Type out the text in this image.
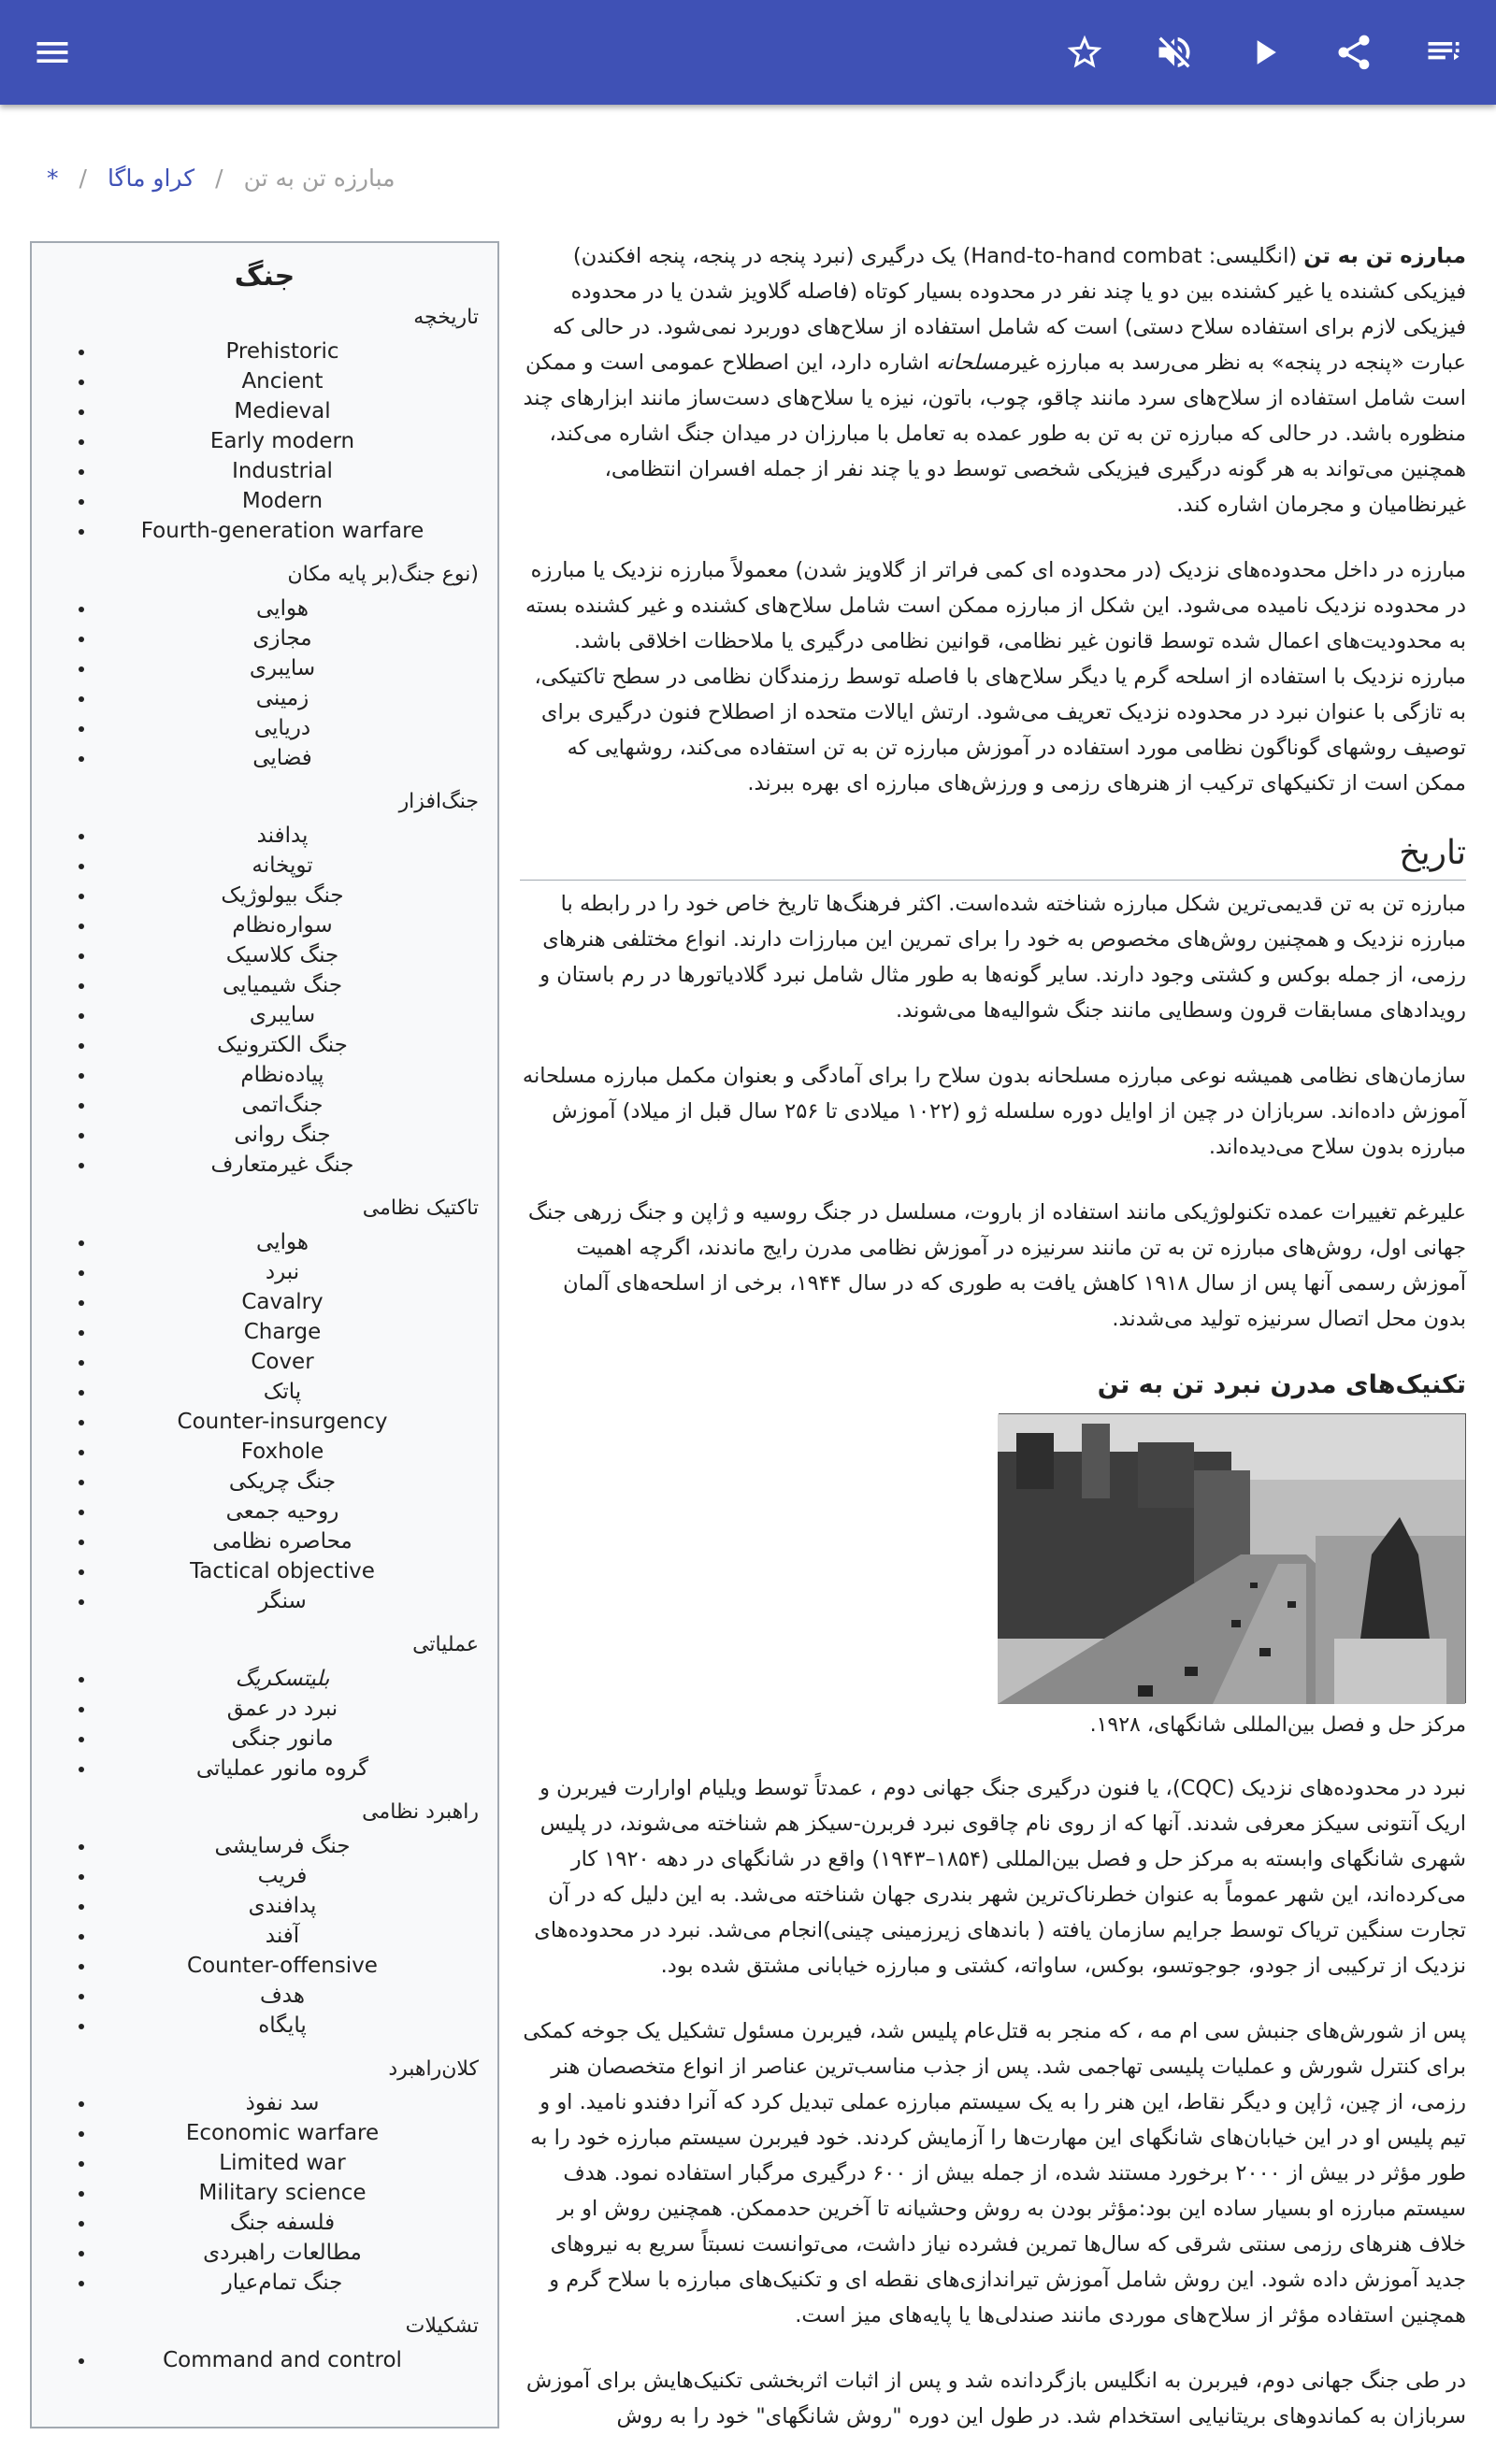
* / کراو ماگا / مبارزه تن به تن
جنگ
تاریخچه
Prehistoric
Ancient
Medieval
Early modern
Industrial
Modern
Fourth-generation warfare
(نوع جنگ(بر پایه مکان
هوایی
مجازی
سایبری
زمینی
دریایی
فضایی
جنگ‌افزار
پدافند
توپخانه
جنگ بیولوژیک
سواره‌نظام
جنگ کلاسیک
جنگ شیمیایی
سایبری
جنگ الکترونیک
پیاده‌نظام
جنگ‌اتمی
جنگ روانی
جنگ غیرمتعارف
تاکتیک نظامی
هوایی
نبرد
Cavalry
Charge
Cover
پاتک
Counter-insurgency
Foxhole
جنگ چریکی
روحیه جمعی
محاصره نظامی
Tactical objective
سنگر
عملیاتی
بلیتسکریگ
نبرد در عمق
مانور جنگی
گروه مانور عملیاتی
راهبرد نظامی
جنگ فرسایشی
فریب
پدافندی
آفند
Counter-offensive
هدف
پایگاه
کلان‌راهبرد
سد نفوذ
Economic warfare
Limited war
Military science
فلسفه جنگ
مطالعات راهبردی
جنگ تمام‌عیار
تشکیلات
Command and control

مبارزه تن به تن (انگلیسی: Hand-to-hand combat) یک درگیری (نبرد پنجه در پنجه، پنجه افکندن) فیزیکی کشنده یا غیر کشنده بین دو یا چند نفر در محدوده بسیار کوتاه (فاصله گلاویز شدن یا در محدوده فیزیکی لازم برای استفاده سلاح دستی) است که شامل استفاده از سلاح‌های دوربرد نمی‌شود. در حالی که عبارت «پنجه در پنجه» به نظر می‌رسد به مبارزه غیرمسلحانه اشاره دارد، این اصطلاح عمومی است و ممکن است شامل استفاده از سلاح‌های سرد مانند چاقو، چوب، باتون، نیزه یا سلاح‌های دست‌ساز مانند ابزارهای چند منظوره باشد. در حالی که مبارزه تن به تن به طور عمده به تعامل با مبارزان در میدان جنگ اشاره می‌کند، همچنین می‌تواند به هر گونه درگیری فیزیکی شخصی توسط دو یا چند نفر از جمله افسران انتظامی، غیرنظامیان و مجرمان اشاره کند.

مبارزه در داخل محدوده‌های نزدیک (در محدوده ای کمی فراتر از گلاویز شدن) معمولاً مبارزه نزدیک یا مبارزه در محدوده نزدیک نامیده می‌شود. این شکل از مبارزه ممکن است شامل سلاح‌های کشنده و غیر کشنده بسته به محدودیت‌های اعمال شده توسط قانون غیر نظامی، قوانین نظامی درگیری یا ملاحظات اخلاقی باشد. مبارزه نزدیک با استفاده از اسلحه گرم یا دیگر سلاح‌های با فاصله توسط رزمندگان نظامی در سطح تاکتیکی، به تازگی با عنوان نبرد در محدوده نزدیک تعریف می‌شود. ارتش ایالات متحده از اصطلاح فنون درگیری برای توصیف روشهای گوناگون نظامی مورد استفاده در آموزش مبارزه تن به تن استفاده می‌کند، روشهایی که ممکن است از تکنیکهای ترکیب از هنرهای رزمی و ورزش‌های مبارزه ای بهره ببرند.

تاریخ

مبارزه تن به تن قدیمی‌ترین شکل مبارزه شناخته شده‌است. اکثر فرهنگ‌ها تاریخ خاص خود را در رابطه با مبارزه نزدیک و همچنین روش‌های مخصوص به خود را برای تمرین این مبارزات دارند. انواع مختلفی هنرهای رزمی، از جمله بوکس و کشتی وجود دارند. سایر گونه‌ها به طور مثال شامل نبرد گلادیاتورها در رم باستان و رویدادهای مسابقات قرون وسطایی مانند جنگ شوالیه‌ها می‌شوند.

سازمان‌های نظامی همیشه نوعی مبارزه مسلحانه بدون سلاح را برای آمادگی و بعنوان مکمل مبارزه مسلحانه آموزش داده‌اند. سربازان در چین از اوایل دوره سلسله ژو (۱۰۲۲ میلادی تا ۲۵۶ سال قبل از میلاد) آموزش مبارزه بدون سلاح می‌دیده‌اند.

علیرغم تغییرات عمده تکنولوژیکی مانند استفاده از باروت، مسلسل در جنگ روسیه و ژاپن و جنگ زرهی جنگ جهانی اول، روش‌های مبارزه تن به تن مانند سرنیزه در آموزش نظامی مدرن رایج ماندند، اگرچه اهمیت آموزش رسمی آنها پس از سال ۱۹۱۸ کاهش یافت به طوری که در سال ۱۹۴۴، برخی از اسلحه‌های آلمان بدون محل اتصال سرنیزه تولید می‌شدند.

تکنیک‌های مدرن نبرد تن به تن

مرکز حل و فصل بین‌المللی شانگهای، ۱۹۲۸.

نبرد در محدوده‌های نزدیک (CQC)، یا فنون درگیری جنگ جهانی دوم ، عمدتاً توسط ویلیام اوارارت فیربرن و اریک آنتونی سیکز معرفی شدند. آنها که از روی نام چاقوی نبرد فربرن-سیکز هم شناخته می‌شوند، در پلیس شهری شانگهای وابسته به مرکز حل و فصل بین‌المللی (۱۸۵۴–۱۹۴۳) واقع در شانگهای در دهه ۱۹۲۰ کار می‌کرده‌اند، این شهر عموماً به عنوان خطرناک‌ترین شهر بندری جهان شناخته می‌شد. به این دلیل که در آن تجارت سنگین تریاک توسط جرایم سازمان یافته ( باندهای زیرزمینی چینی)انجام می‌شد. نبرد در محدوده‌های نزدیک از ترکیبی از جودو، جوجوتسو، بوکس، ساواته، کشتی و مبارزه خیابانی مشتق شده بود.

پس از شورش‌های جنبش سی ام مه ، که منجر به قتل‌عام پلیس شد، فیربرن مسئول تشکیل یک جوخه کمکی برای کنترل شورش و عملیات پلیسی تهاجمی شد. پس از جذب مناسب‌ترین عناصر از انواع متخصصان هنر رزمی، از چین، ژاپن و دیگر نقاط، این هنر را به یک سیستم مبارزه عملی تبدیل کرد که آنرا دفندو نامید. او و تیم پلیس او در این خیابان‌های شانگهای این مهارت‌ها را آزمایش کردند. خود فیربرن سیستم مبارزه خود را به طور مؤثر در بیش از ۲۰۰۰ برخورد مستند شده، از جمله بیش از ۶۰۰ درگیری مرگبار استفاده نمود. هدف سیستم مبارزه او بسیار ساده این بود:مؤثر بودن به روش وحشیانه تا آخرین حدممکن. همچنین روش او بر خلاف هنرهای رزمی سنتی شرقی که سال‌ها تمرین فشرده نیاز داشت، می‌توانست نسبتاً سریع به نیروهای جدید آموزش داده شود. این روش شامل آموزش تیراندازی‌های نقطه ای و تکنیک‌های مبارزه با سلاح گرم و همچنین استفاده مؤثر از سلاح‌های موردی مانند صندلی‌ها یا پایه‌های میز است.

در طی جنگ جهانی دوم، فیربرن به انگلیس بازگردانده شد و پس از اثبات اثربخشی تکنیک‌هایش برای آموزش سربازان به کماندوهای بریتانیایی استخدام شد. در طول این دوره "روش شانگهای" خود را به روش
